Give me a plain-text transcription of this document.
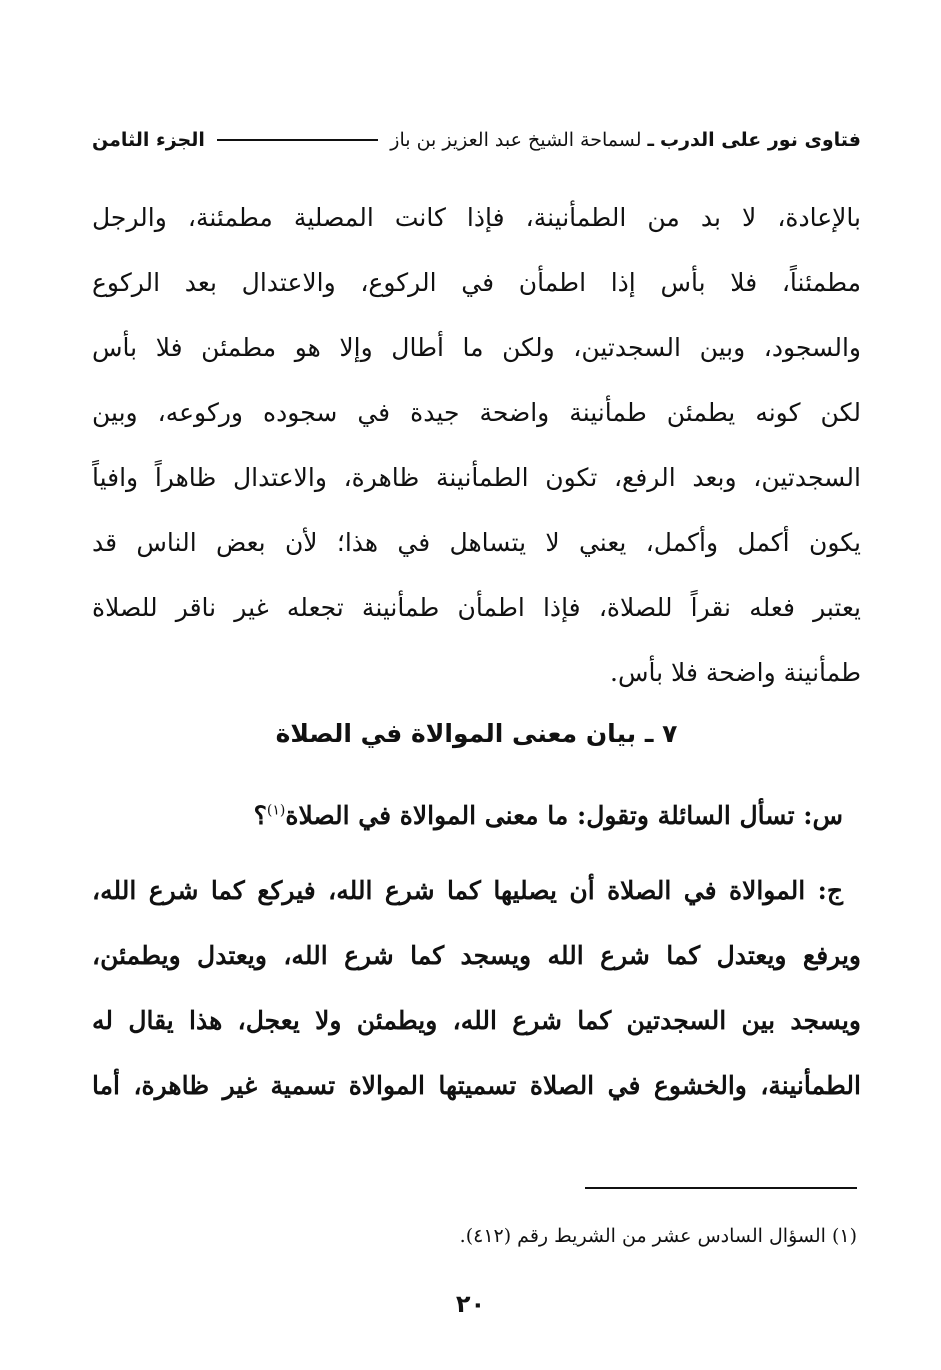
فتاوى نور على الدرب
ـ
لسماحة الشيخ عبد العزيز بن باز
الجزء الثامن
بالإعادة، لا بد من الطمأنينة، فإذا كانت المصلية مطمئنة، والرجل
مطمئناً، فلا بأس إذا اطمأن في الركوع، والاعتدال بعد الركوع
والسجود، وبين السجدتين، ولكن ما أطال وإلا هو مطمئن فلا بأس
لكن كونه يطمئن طمأنينة واضحة جيدة في سجوده وركوعه، وبين
السجدتين، وبعد الرفع، تكون الطمأنينة ظاهرة، والاعتدال ظاهراً وافياً
يكون أكمل وأكمل، يعني لا يتساهل في هذا؛ لأن بعض الناس قد
يعتبر فعله نقراً للصلاة، فإذا اطمأن طمأنينة تجعله غير ناقر للصلاة
طمأنينة واضحة فلا بأس.
٧ ـ بيان معنى الموالاة في الصلاة
س: تسأل السائلة وتقول: ما معنى الموالاة في الصلاة$^{(١)}$؟
ج: الموالاة في الصلاة أن يصليها كما شرع الله، فيركع كما شرع الله،
ويرفع ويعتدل كما شرع الله ويسجد كما شرع الله، ويعتدل ويطمئن،
ويسجد بين السجدتين كما شرع الله، ويطمئن ولا يعجل، هذا يقال له
الطمأنينة، والخشوع في الصلاة تسميتها الموالاة تسمية غير ظاهرة، أما
(١) السؤال السادس عشر من الشريط رقم (٤١٢).
٢٠
